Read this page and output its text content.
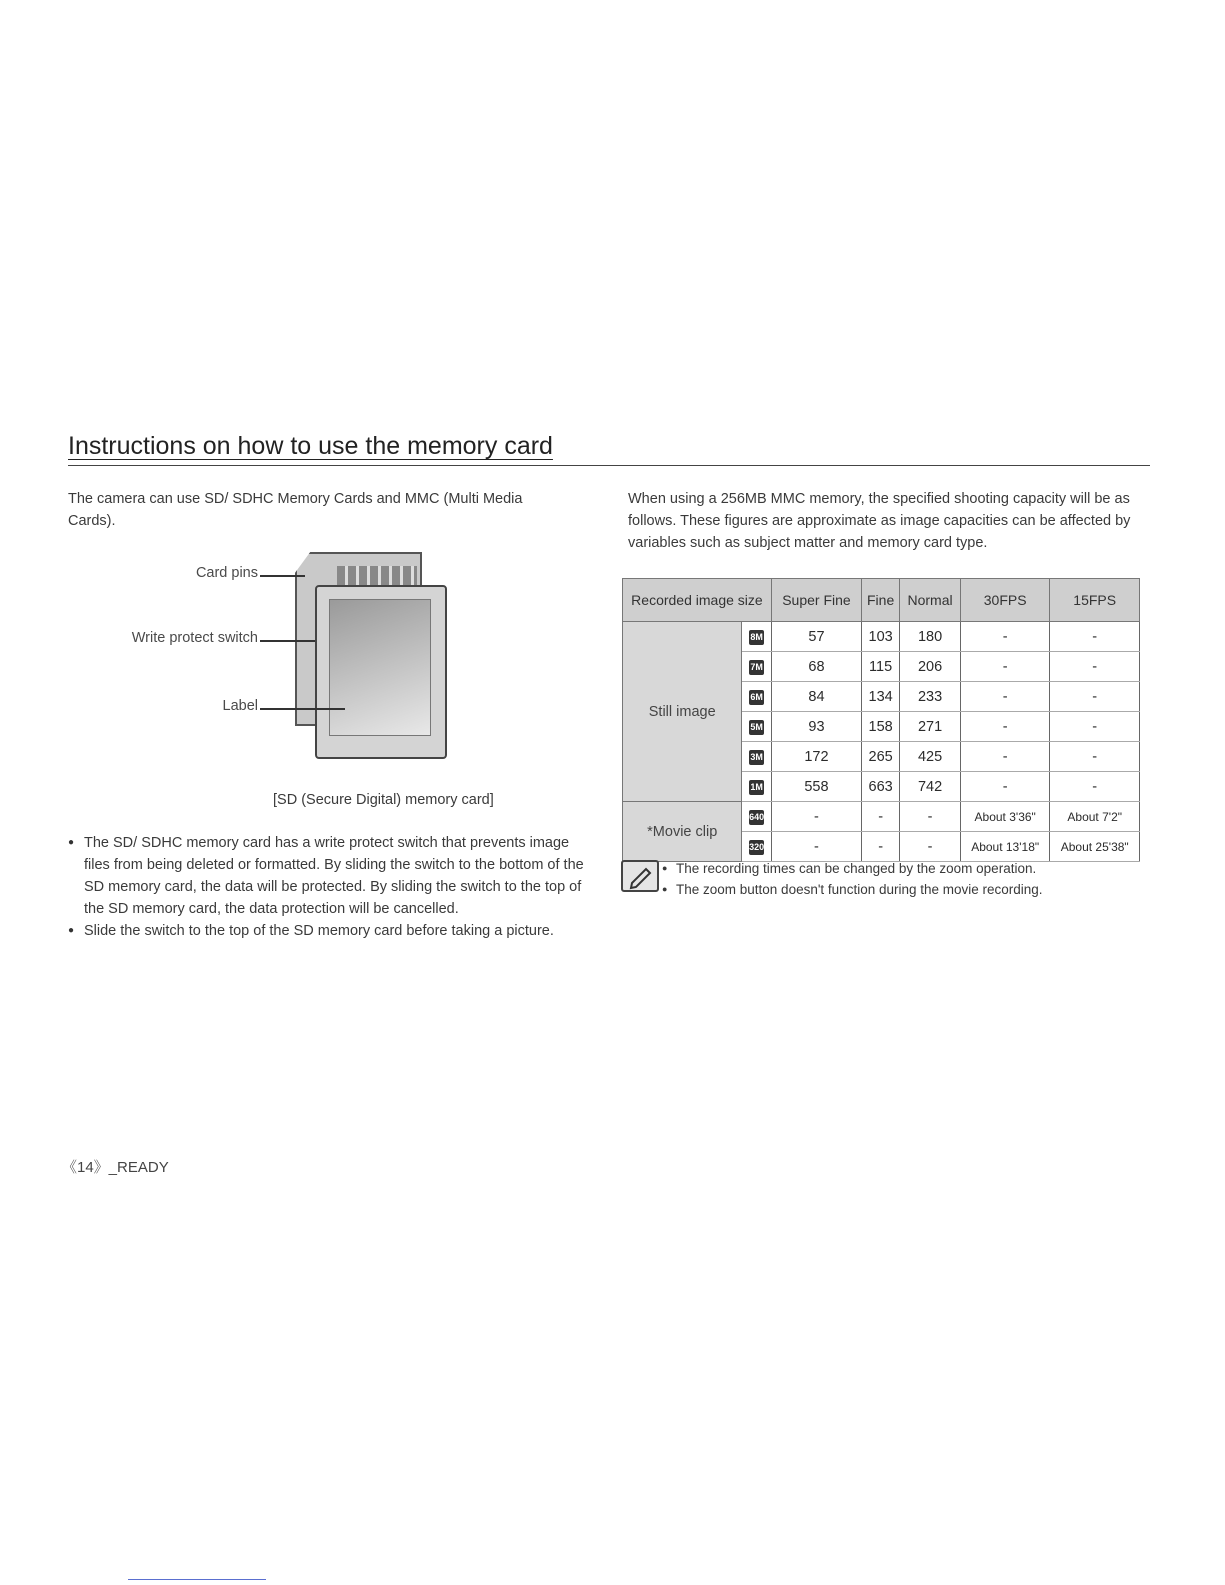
Instructions on how to use the memory card
The camera can use SD/ SDHC Memory Cards and MMC (Multi Media Cards).
Card pins
Write protect switch
Label
[SD (Secure Digital) memory card]
● The SD/ SDHC memory card has a write protect switch that prevents image files from being deleted or formatted. By sliding the switch to the bottom of the SD memory card, the data will be protected. By sliding the switch to the top of the SD memory card, the data protection will be cancelled.
● Slide the switch to the top of the SD memory card before taking a picture.
When using a 256MB MMC memory, the specified shooting capacity will be as follows. These figures are approximate as image capacities can be affected by variables such as subject matter and memory card type.
Recorded image size		Super Fine	Fine	Normal	30FPS	15FPS
Still image	8M	57	103	180	-	-
	7M	68	115	206	-	-
	6M	84	134	233	-	-
	5M	93	158	271	-	-
	3M	172	265	425	-	-
	1M	558	663	742	-	-
*Movie clip	640	-	-	-	About 3'36"	About 7'2"
	320	-	-	-	About 13'18"	About 25'38"
● The recording times can be changed by the zoom operation.
● The zoom button doesn't function during the movie recording.
《14》_READY
